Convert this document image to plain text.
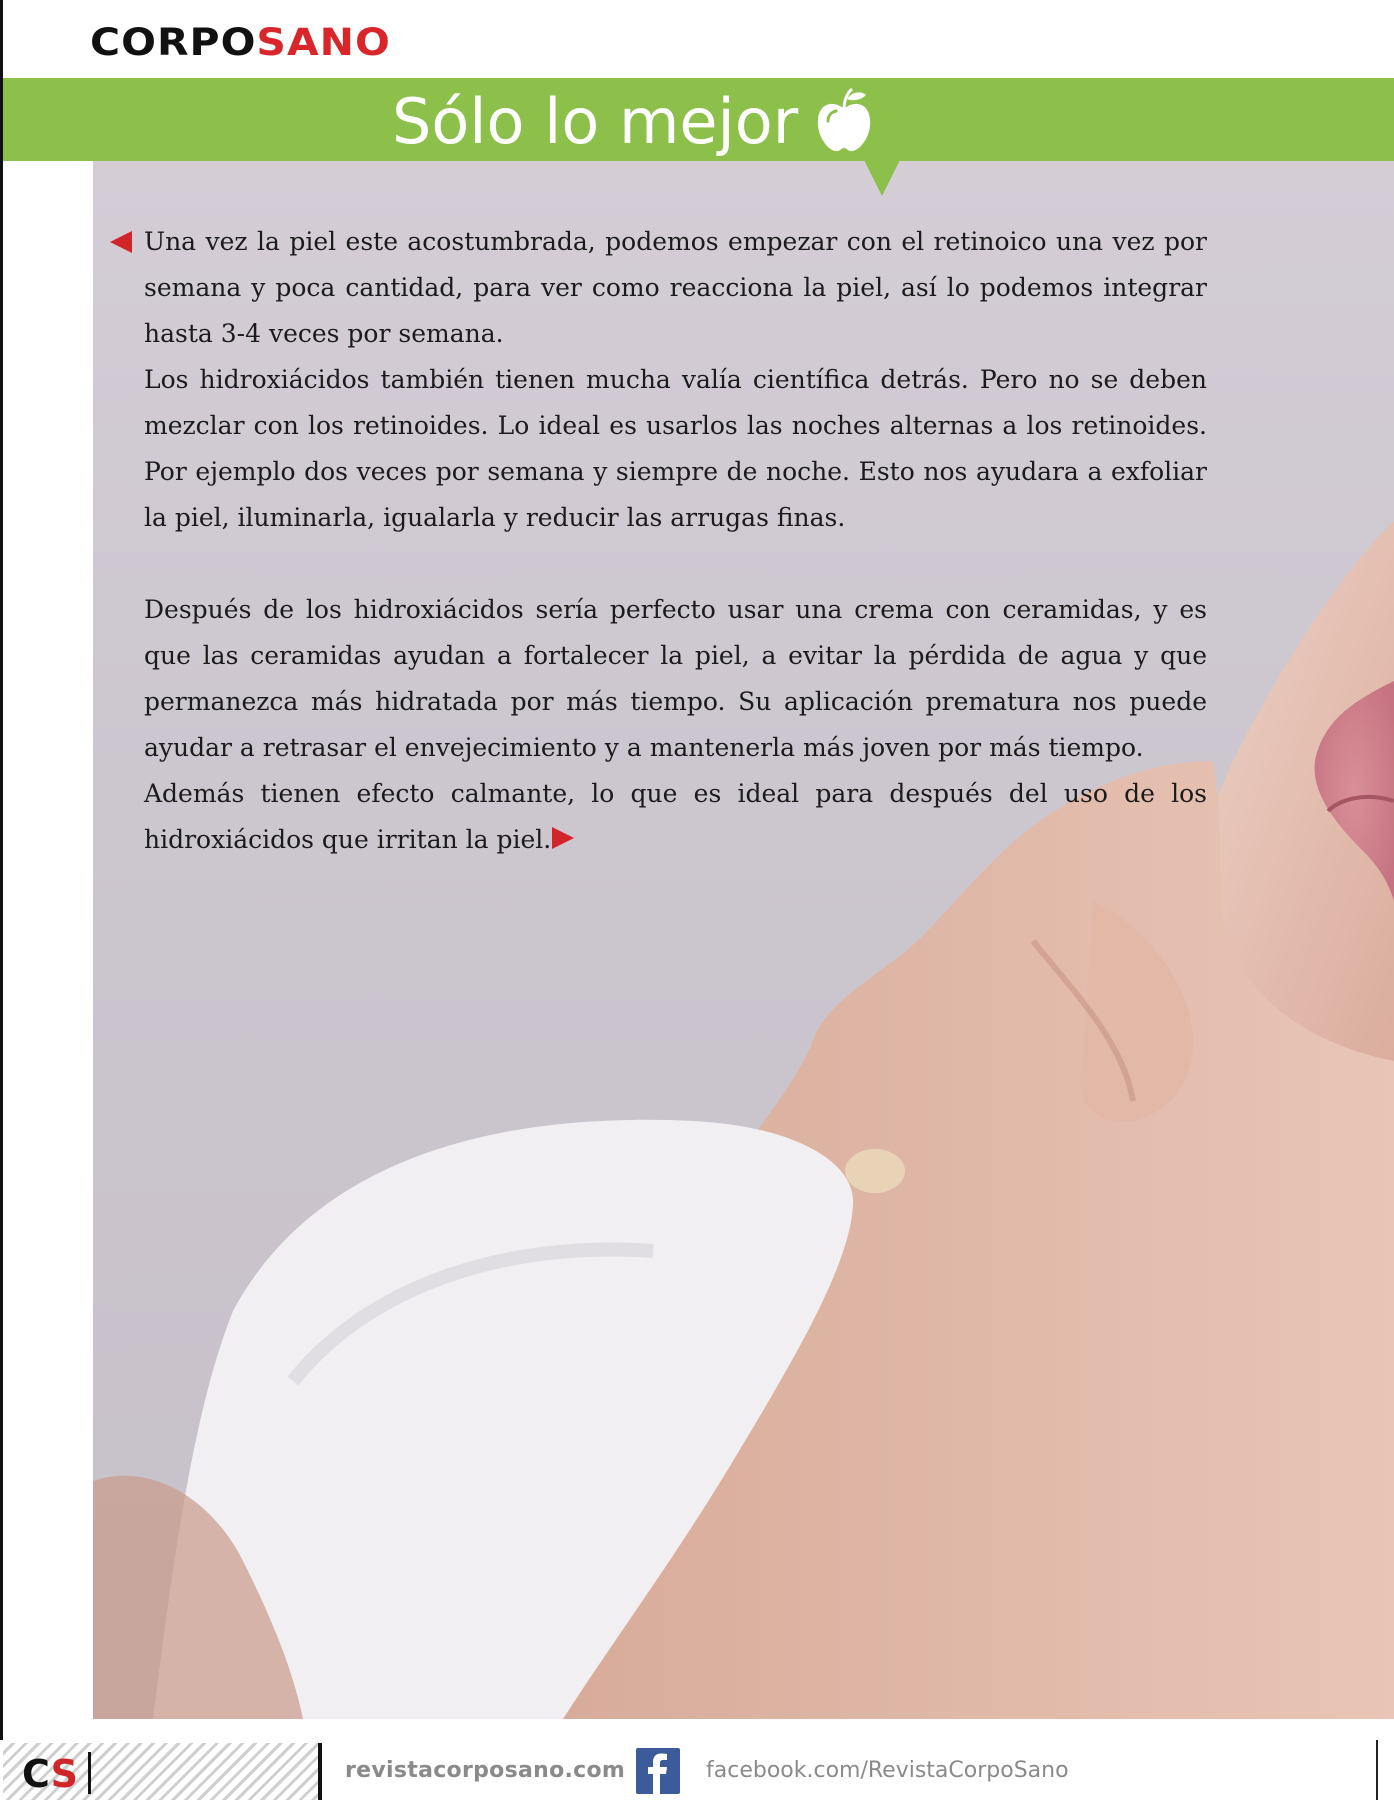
CORPOSANO
Sólo lo mejor

Una vez la piel este acostumbrada, podemos empezar con el retinoico una vez por semana y poca cantidad, para ver como reacciona la piel, así lo podemos integrar hasta 3-4 veces por semana.

Los hidroxiácidos también tienen mucha valía científica detrás. Pero no se deben mezclar con los retinoides. Lo ideal es usarlos las noches alternas a los retinoides. Por ejemplo dos veces por semana y siempre de noche. Esto nos ayudara a exfoliar la piel, iluminarla, igualarla y reducir las arrugas finas.

Después de los hidroxiácidos sería perfecto usar una crema con ceramidas, y es que las ceramidas ayudan a fortalecer la piel, a evitar la pérdida de agua y que permanezca más hidratada por más tiempo. Su aplicación prematura nos puede ayudar a retrasar el envejecimiento y a mantenerla más joven por más tiempo.

Además tienen efecto calmante, lo que es ideal para después del uso de los hidroxiácidos que irritan la piel.

CS	revistacorposano.com	facebook.com/RevistaCorpoSano
